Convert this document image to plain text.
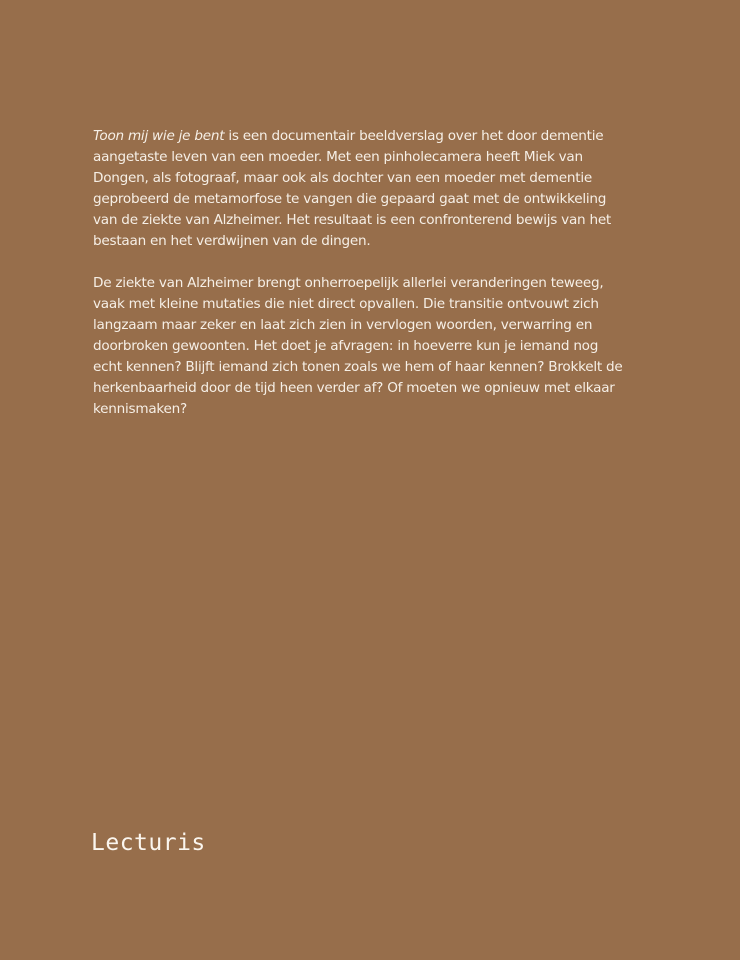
Toon mij wie je bent is een documentair beeldverslag over het door dementie aangetaste leven van een moeder. Met een pinholecamera heeft Miek van Dongen, als fotograaf, maar ook als dochter van een moeder met dementie geprobeerd de metamorfose te vangen die gepaard gaat met de ontwikkeling van de ziekte van Alzheimer. Het resultaat is een confronterend bewijs van het bestaan en het verdwijnen van de dingen.

De ziekte van Alzheimer brengt onherroepelijk allerlei veranderingen teweeg, vaak met kleine mutaties die niet direct opvallen. Die transitie ontvouwt zich langzaam maar zeker en laat zich zien in vervlogen woorden, verwarring en doorbroken gewoonten. Het doet je afvragen: in hoeverre kun je iemand nog echt kennen? Blijft iemand zich tonen zoals we hem of haar kennen? Brokkelt de herkenbaarheid door de tijd heen verder af? Of moeten we opnieuw met elkaar kennismaken?

Lecturis
